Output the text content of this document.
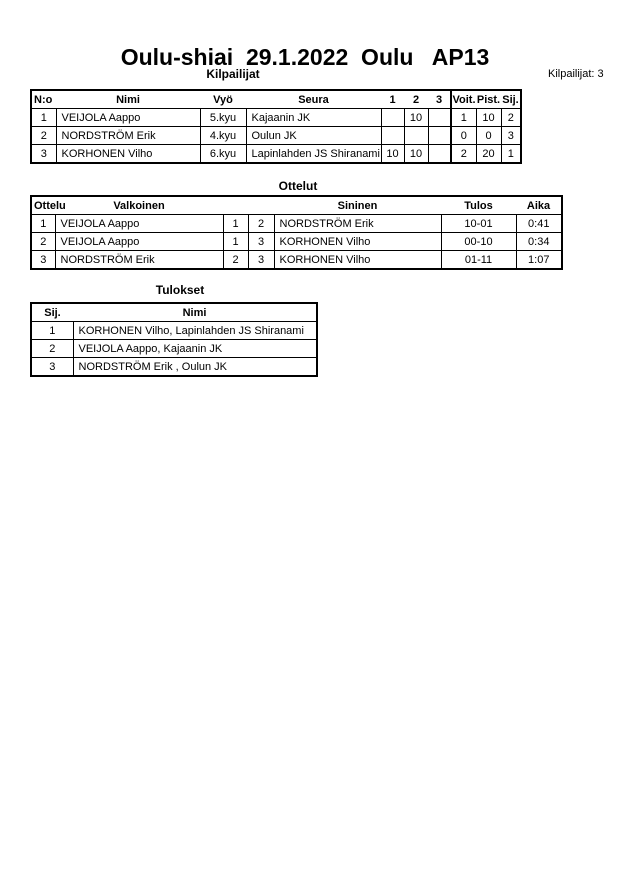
Oulu-shiai  29.1.2022  Oulu   AP13
Kilpailijat	Kilpailijat: 3
N:o	Nimi	Vyö	Seura	1	2	3	Voit.	Pist.	Sij.
1	VEIJOLA Aappo	5.kyu	Kajaanin JK		10		1	10	2
2	NORDSTRÖM Erik	4.kyu	Oulun JK				0	0	3
3	KORHONEN Vilho	6.kyu	Lapinlahden JS Shiranami	10	10		2	20	1
Ottelut
Ottelu	Valkoinen			Sininen	Tulos	Aika
1	VEIJOLA Aappo	1	2	NORDSTRÖM Erik	10-01	0:41
2	VEIJOLA Aappo	1	3	KORHONEN Vilho	00-10	0:34
3	NORDSTRÖM Erik	2	3	KORHONEN Vilho	01-11	1:07
Tulokset
Sij.	Nimi
1	KORHONEN Vilho, Lapinlahden JS Shiranami
2	VEIJOLA Aappo, Kajaanin JK
3	NORDSTRÖM Erik , Oulun JK
